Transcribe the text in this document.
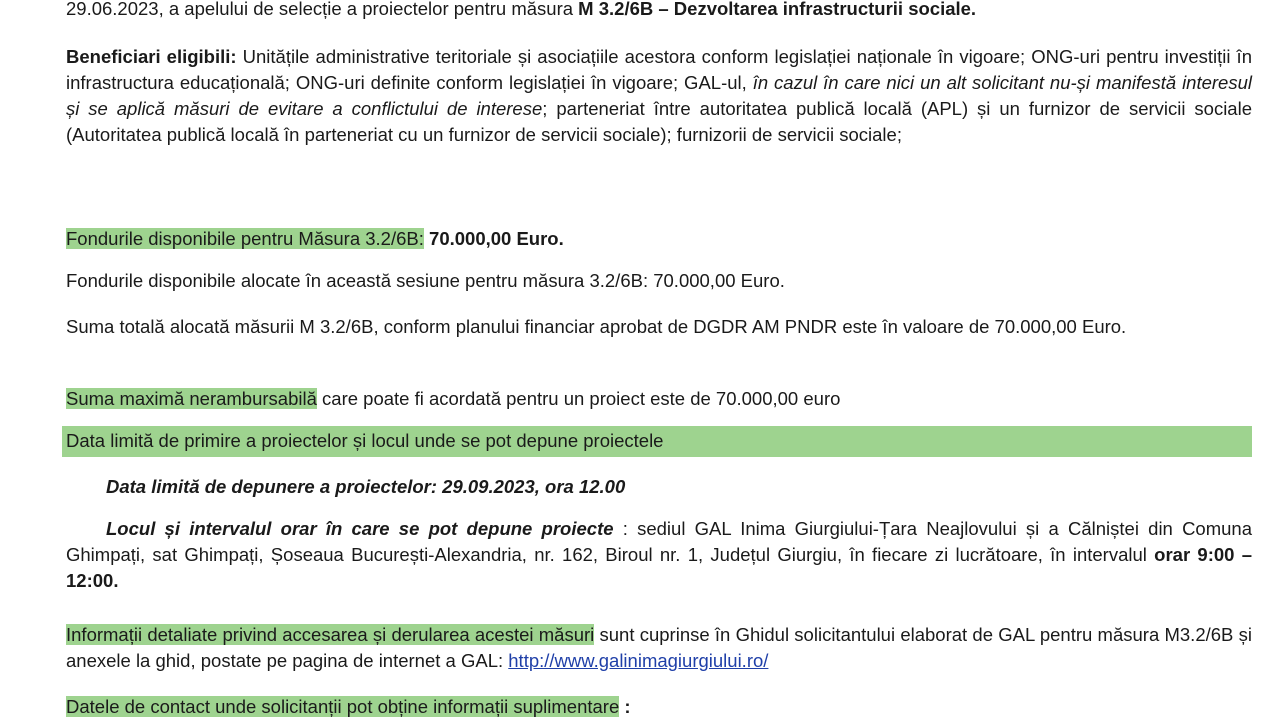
29.06.2023, a apelului de selecție a proiectelor pentru măsura M 3.2/6B – Dezvoltarea infrastructurii sociale.
Beneficiari eligibili: Unitățile administrative teritoriale și asociațiile acestora conform legislației naționale în vigoare; ONG-uri pentru investiții în infrastructura educațională; ONG-uri definite conform legislației în vigoare; GAL-ul, în cazul în care nici un alt solicitant nu-și manifestă interesul și se aplică măsuri de evitare a conflictului de interese; parteneriat între autoritatea publică locală (APL) și un furnizor de servicii sociale (Autoritatea publică locală în parteneriat cu un furnizor de servicii sociale); furnizorii de servicii sociale;
Fondurile disponibile pentru Măsura 3.2/6B: 70.000,00 Euro.
Fondurile disponibile alocate în această sesiune pentru măsura 3.2/6B: 70.000,00 Euro.
Suma totală alocată măsurii M 3.2/6B, conform planului financiar aprobat de DGDR AM PNDR este în valoare de 70.000,00 Euro.
Suma maximă nerambursabilă care poate fi acordată pentru un proiect este de 70.000,00 euro
Data limită de primire a proiectelor și locul unde se pot depune proiectele
Data limită de depunere a proiectelor: 29.09.2023, ora 12.00
Locul și intervalul orar în care se pot depune proiecte : sediul GAL Inima Giurgiului-Țara Neajlovului și a Călniștei din Comuna Ghimpați, sat Ghimpați, Șoseaua București-Alexandria, nr. 162, Biroul nr. 1, Județul Giurgiu, în fiecare zi lucrătoare, în intervalul orar 9:00 – 12:00.
Informații detaliate privind accesarea și derularea acestei măsuri sunt cuprinse în Ghidul solicitantului elaborat de GAL pentru măsura M3.2/6B și anexele la ghid, postate pe pagina de internet a GAL: http://www.galinimagiurgiului.ro/
Datele de contact unde solicitanții pot obține informații suplimentare :
